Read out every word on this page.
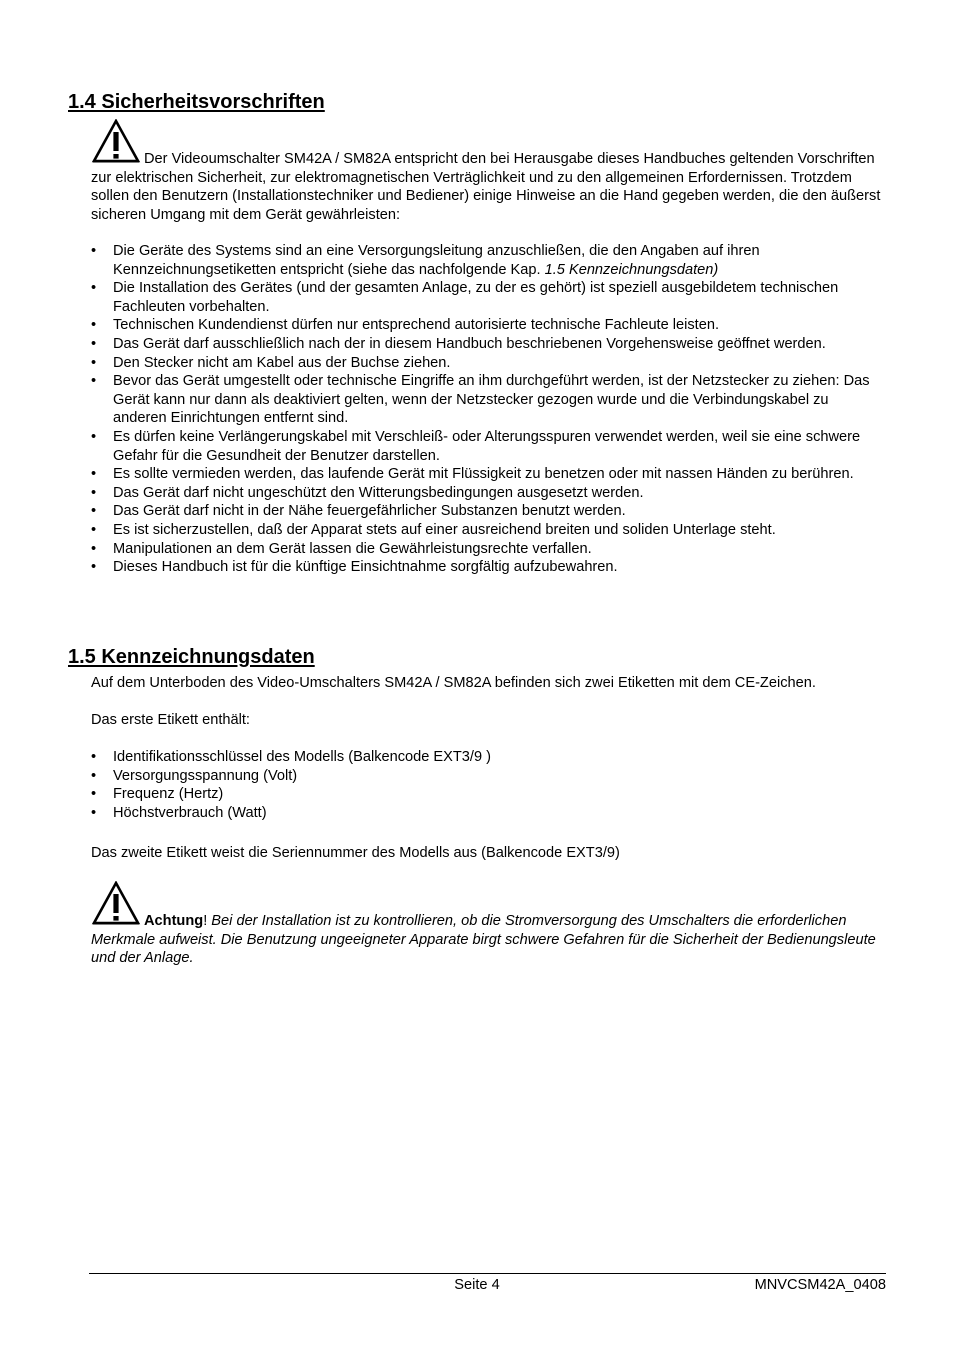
1.4 Sicherheitsvorschriften

Der Videoumschalter SM42A / SM82A entspricht den bei Herausgabe dieses Handbuches geltenden Vorschriften zur elektrischen Sicherheit, zur elektromagnetischen Verträglichkeit und zu den allgemeinen Erfordernissen. Trotzdem sollen den Benutzern (Installationstechniker und Bediener) einige Hinweise an die Hand gegeben werden, die den äußerst sicheren Umgang mit dem Gerät gewährleisten:

• Die Geräte des Systems sind an eine Versorgungsleitung anzuschließen, die den Angaben auf ihren Kennzeichnungsetiketten entspricht (siehe das nachfolgende Kap. 1.5 Kennzeichnungsdaten)
• Die Installation des Gerätes (und der gesamten Anlage, zu der es gehört) ist speziell ausgebildetem technischen Fachleuten vorbehalten.
• Technischen Kundendienst dürfen nur entsprechend autorisierte technische Fachleute leisten.
• Das Gerät darf ausschließlich nach der in diesem Handbuch beschriebenen Vorgehensweise geöffnet werden.
• Den Stecker nicht am Kabel aus der Buchse ziehen.
• Bevor das Gerät umgestellt oder technische Eingriffe an ihm durchgeführt werden, ist der Netzstecker zu ziehen: Das Gerät kann nur dann als deaktiviert gelten, wenn der Netzstecker gezogen wurde und die Verbindungskabel zu anderen Einrichtungen entfernt sind.
• Es dürfen keine Verlängerungskabel mit Verschleiß- oder Alterungsspuren verwendet werden, weil sie eine schwere Gefahr für die Gesundheit der Benutzer darstellen.
• Es sollte vermieden werden, das laufende Gerät mit Flüssigkeit zu benetzen oder mit nassen Händen zu berühren.
• Das Gerät darf nicht ungeschützt den Witterungsbedingungen ausgesetzt werden.
• Das Gerät darf nicht in der Nähe feuergefährlicher Substanzen benutzt werden.
• Es ist sicherzustellen, daß der Apparat stets auf einer ausreichend breiten und soliden Unterlage steht.
• Manipulationen an dem Gerät lassen die Gewährleistungsrechte verfallen.
• Dieses Handbuch ist für die künftige Einsichtnahme sorgfältig aufzubewahren.
1.5 Kennzeichnungsdaten

Auf dem Unterboden des Video-Umschalters SM42A / SM82A befinden sich zwei Etiketten mit dem CE-Zeichen.

Das erste Etikett enthält:

• Identifikationsschlüssel des Modells (Balkencode EXT3/9 )
• Versorgungsspannung (Volt)
• Frequenz (Hertz)
• Höchstverbrauch (Watt)

Das zweite Etikett weist die Seriennummer des Modells aus (Balkencode EXT3/9)

Achtung! Bei der Installation ist zu kontrollieren, ob die Stromversorgung des Umschalters die erforderlichen Merkmale aufweist. Die Benutzung ungeeigneter Apparate birgt schwere Gefahren für die Sicherheit der Bedienungsleute und der Anlage.

Seite 4	MNVCSM42A_0408
